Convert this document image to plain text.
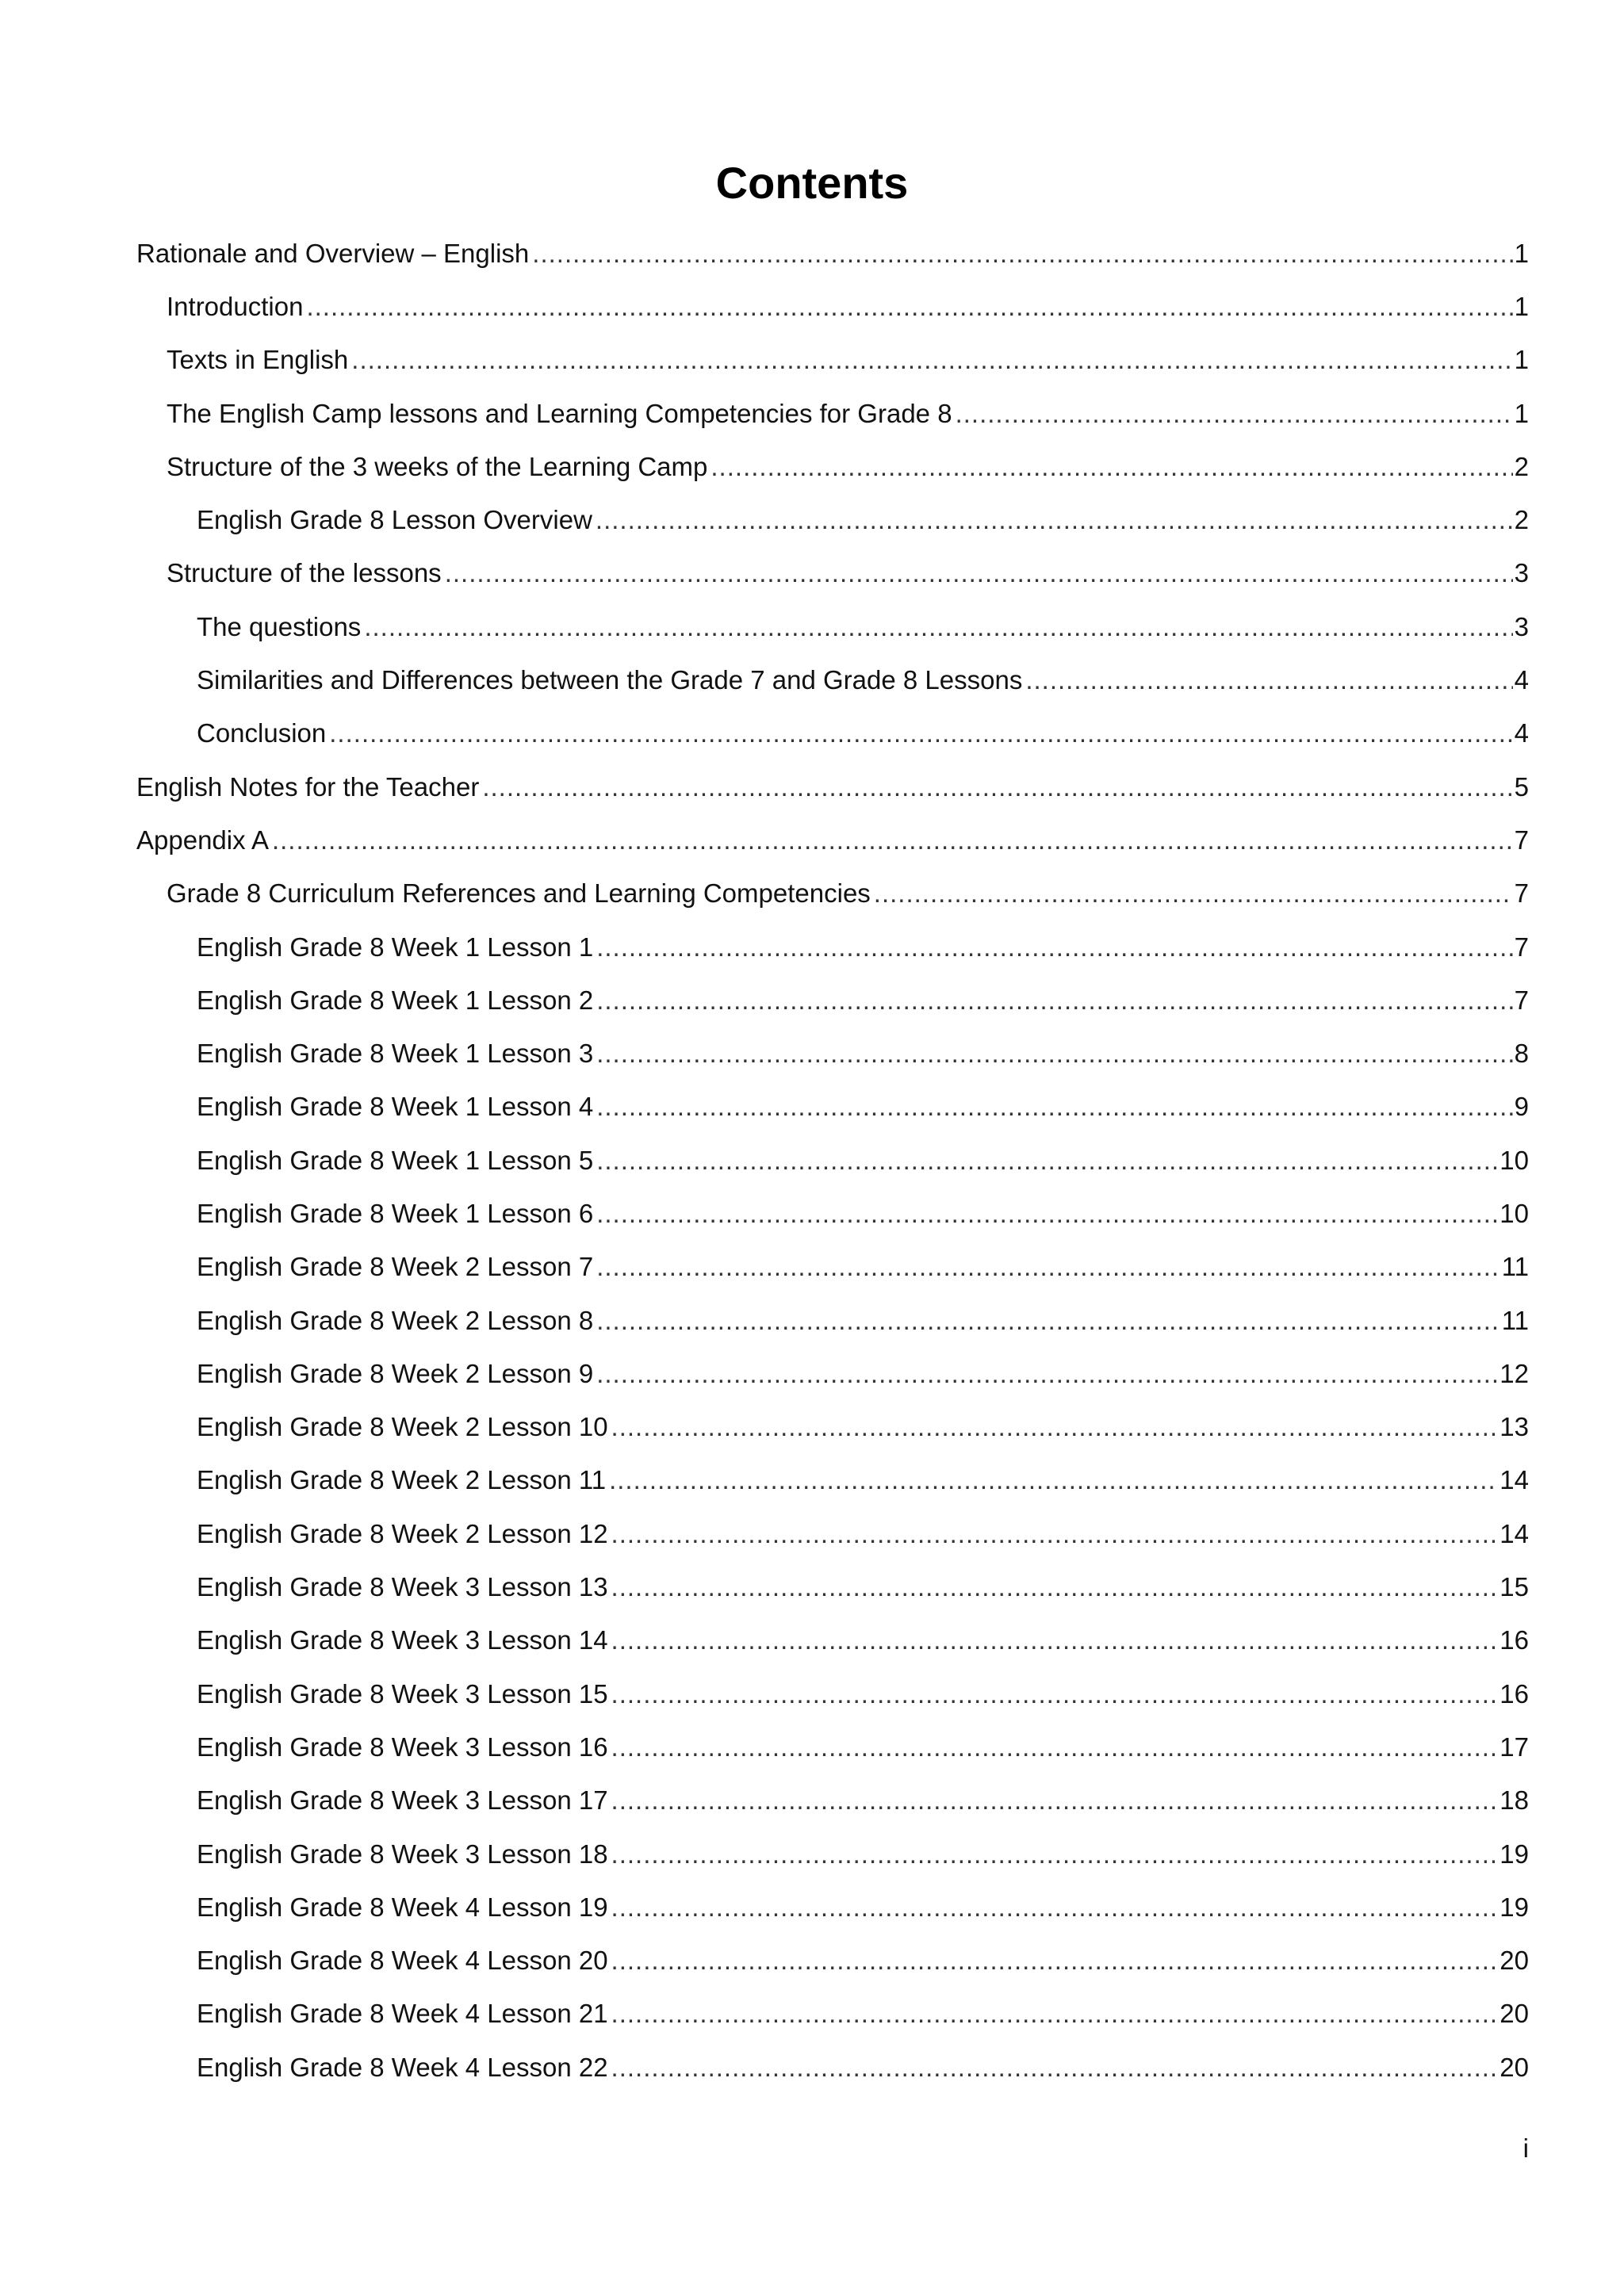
Contents
Rationale and Overview – English .....	1
Introduction .....	1
Texts in English .....	1
The English Camp lessons and Learning Competencies for Grade 8 .....	1
Structure of the 3 weeks of the Learning Camp .....	2
English Grade 8 Lesson Overview .....	2
Structure of the lessons .....	3
The questions .....	3
Similarities and Differences between the Grade 7 and Grade 8 Lessons .....	4
Conclusion .....	4
English Notes for the Teacher .....	5
Appendix A .....	7
Grade 8 Curriculum References and Learning Competencies .....	7
English Grade 8 Week 1 Lesson 1 .....	7
English Grade 8 Week 1 Lesson 2 .....	7
English Grade 8 Week 1 Lesson 3 .....	8
English Grade 8 Week 1 Lesson 4 .....	9
English Grade 8 Week 1 Lesson 5 .....	10
English Grade 8 Week 1 Lesson 6 .....	10
English Grade 8 Week 2 Lesson 7 .....	11
English Grade 8 Week 2 Lesson 8 .....	11
English Grade 8 Week 2 Lesson 9 .....	12
English Grade 8 Week 2 Lesson 10 .....	13
English Grade 8 Week 2 Lesson 11 .....	14
English Grade 8 Week 2 Lesson 12 .....	14
English Grade 8 Week 3 Lesson 13 .....	15
English Grade 8 Week 3 Lesson 14 .....	16
English Grade 8 Week 3 Lesson 15 .....	16
English Grade 8 Week 3 Lesson 16 .....	17
English Grade 8 Week 3 Lesson 17 .....	18
English Grade 8 Week 3 Lesson 18 .....	19
English Grade 8 Week 4 Lesson 19 .....	19
English Grade 8 Week 4 Lesson 20 .....	20
English Grade 8 Week 4 Lesson 21 .....	20
English Grade 8 Week 4 Lesson 22 .....	20
i
